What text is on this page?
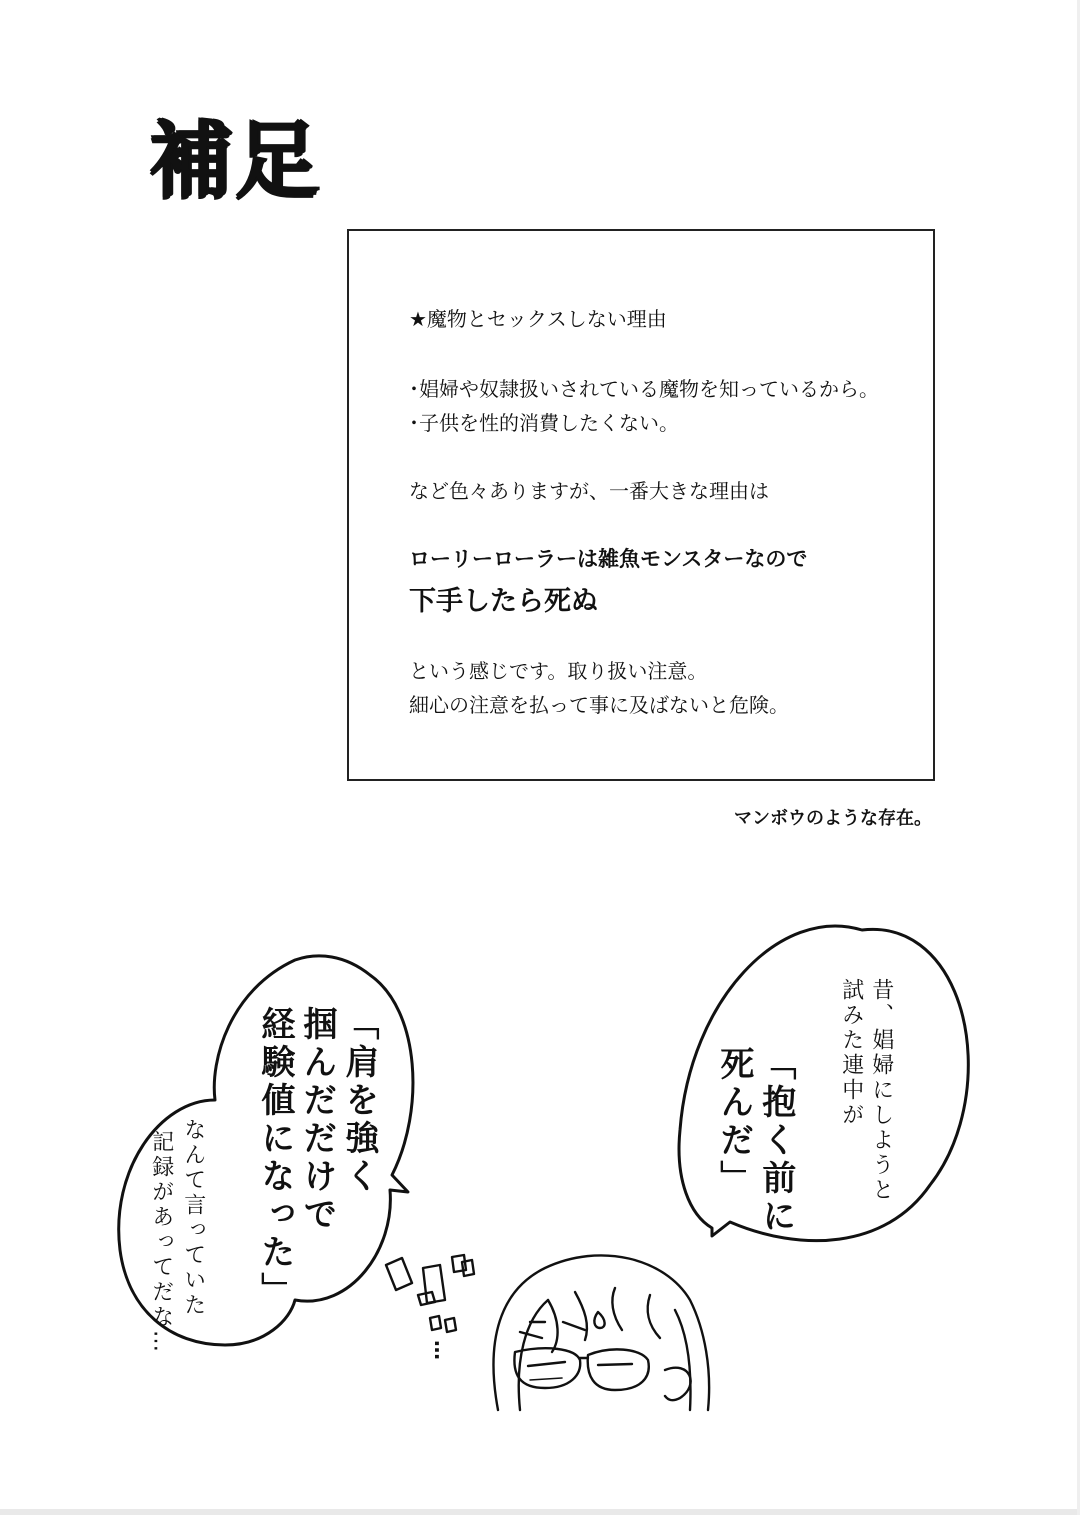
補足
★魔物とセックスしない理由
･娼婦や奴隷扱いされている魔物を知っているから。
･子供を性的消費したくない。
など色々ありますが、一番大きな理由は
ローリーローラーは雑魚モンスターなので
下手したら死ぬ
という感じです。取り扱い注意。
細心の注意を払って事に及ばないと危険。
マンボウのような存在。
昔、娼婦にしようと
試みた連中が
「抱く前に
死んだ」
「肩を強く
掴んだだけで
経験値になった」
なんて言っていた
記録があってだな…	…
